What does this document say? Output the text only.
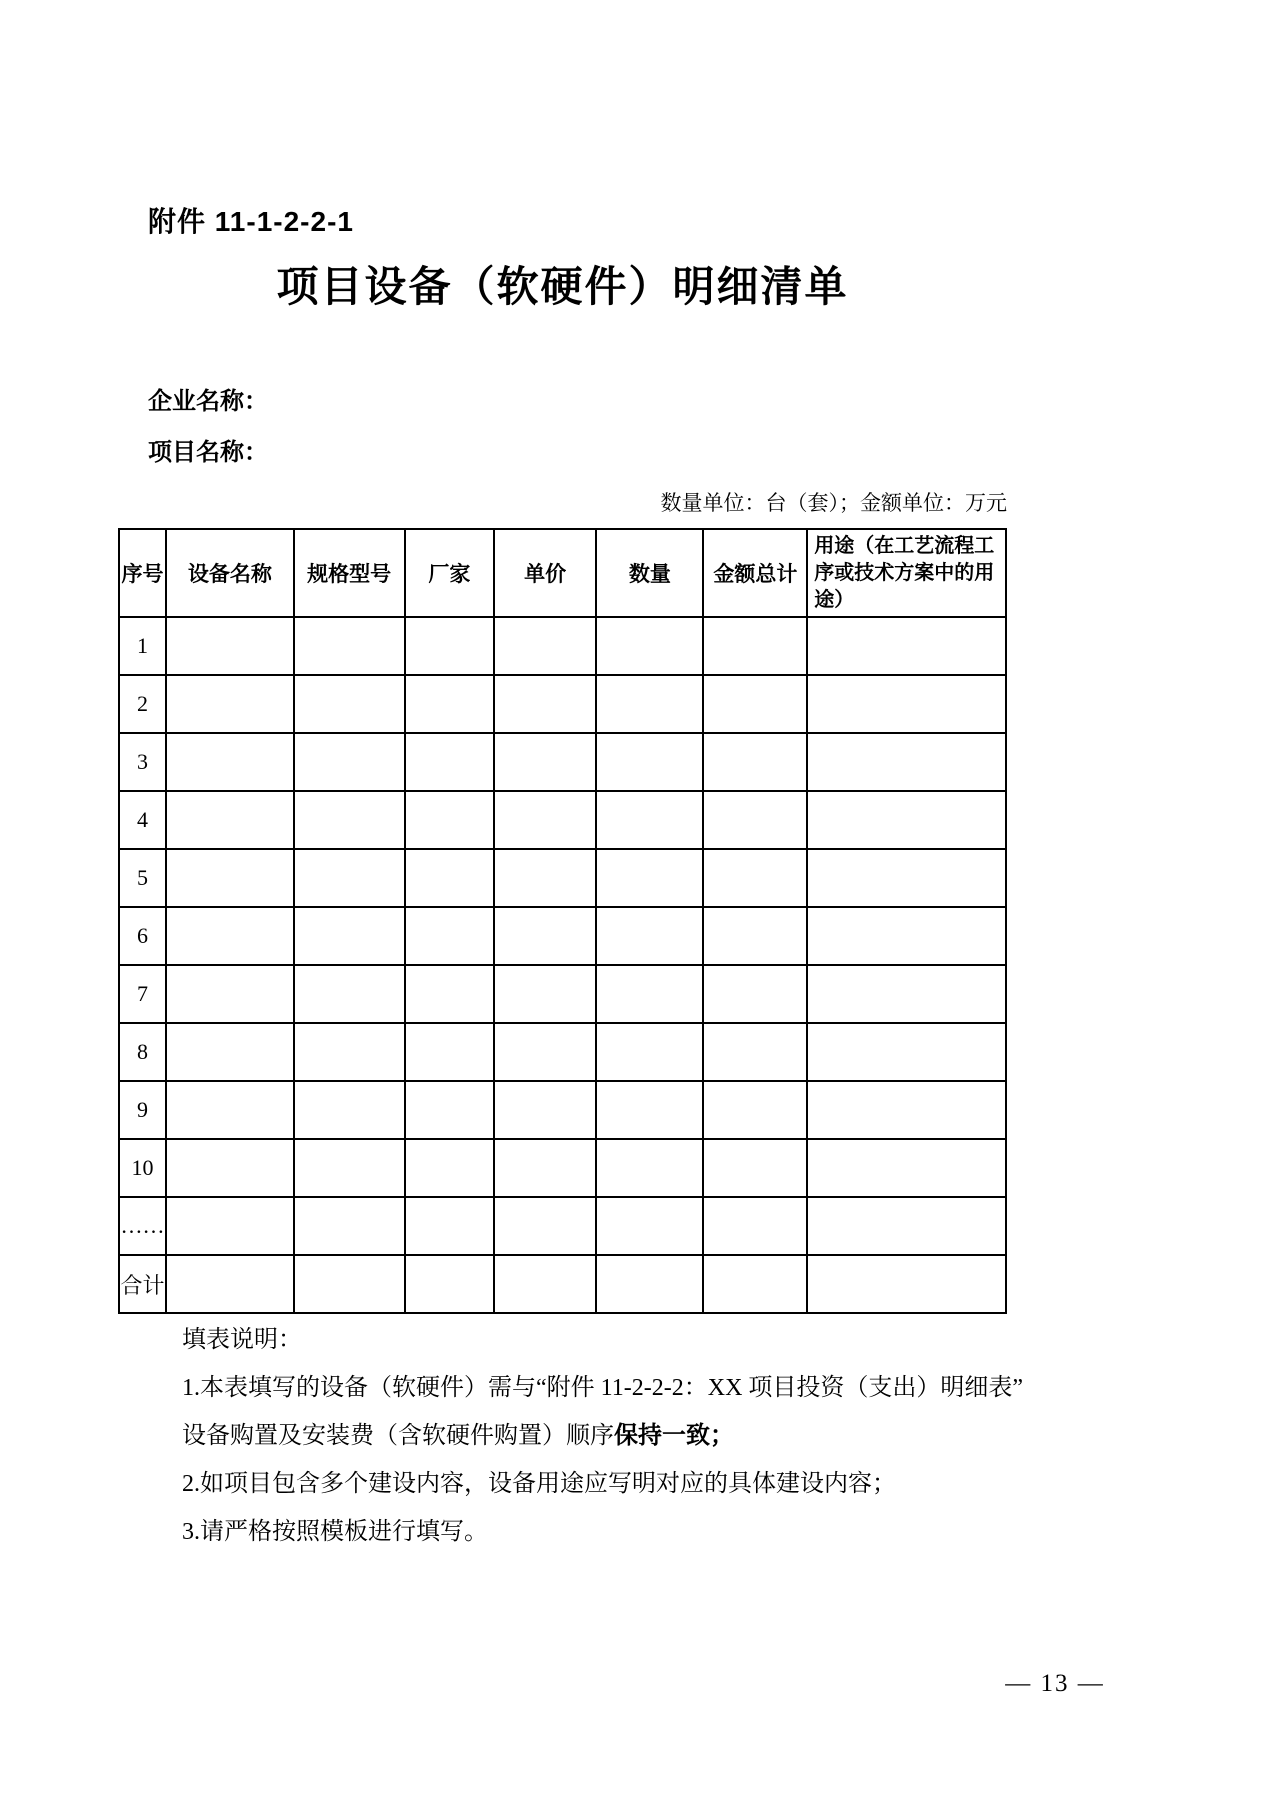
附件 11-1-2-2-1
项目设备（软硬件）明细清单
企业名称：
项目名称：
数量单位：台（套）；金额单位：万元
序号	设备名称	规格型号	厂家	单价	数量	金额总计	用途（在工艺流程工序或技术方案中的用途）
1							
2							
3							
4							
5							
6							
7							
8							
9							
10							
……							
合计							
填表说明：
1.本表填写的设备（软硬件）需与“附件 11-2-2-2：XX 项目投资（支出）明细表”
设备购置及安装费（含软硬件购置）顺序保持一致；
2.如项目包含多个建设内容，设备用途应写明对应的具体建设内容；
3.请严格按照模板进行填写。
— 13 —
